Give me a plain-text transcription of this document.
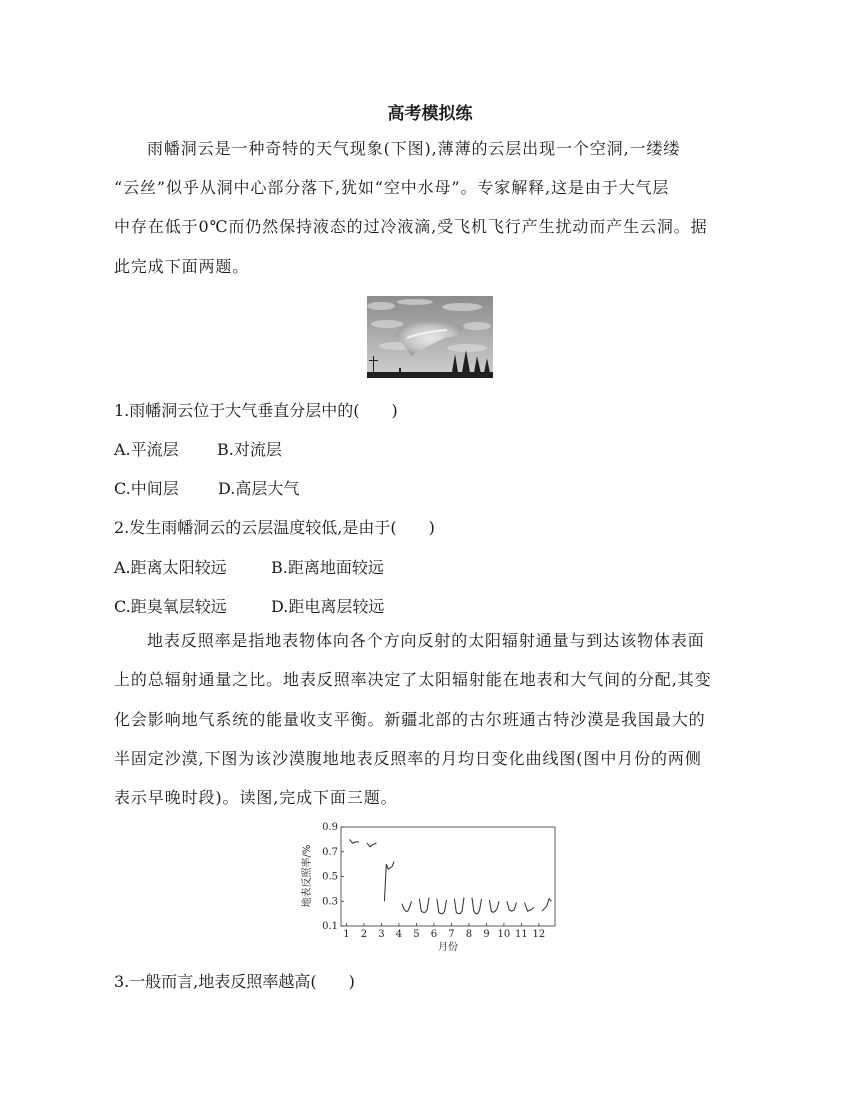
高考模拟练
雨幡洞云是一种奇特的天气现象(下图),薄薄的云层出现一个空洞,一缕缕
“云丝”似乎从洞中心部分落下,犹如“空中水母”。专家解释,这是由于大气层
中存在低于0℃而仍然保持液态的过冷液滴,受飞机飞行产生扰动而产生云洞。据
此完成下面两题。
1.雨幡洞云位于大气垂直分层中的(　　)
A.平流层 B.对流层
C.中间层 D.高层大气
2.发生雨幡洞云的云层温度较低,是由于(　　)
A.距离太阳较远	B.距离地面较远
C.距臭氧层较远	D.距电离层较远
地表反照率是指地表物体向各个方向反射的太阳辐射通量与到达该物体表面
上的总辐射通量之比。地表反照率决定了太阳辐射能在地表和大气间的分配,其变
化会影响地气系统的能量收支平衡。新疆北部的古尔班通古特沙漠是我国最大的
半固定沙漠,下图为该沙漠腹地地表反照率的月均日变化曲线图(图中月份的两侧
表示早晚时段)。读图,完成下面三题。
0.1
0.3
0.5
0.7
0.9
1 2 3 4 5 6 7 8 9 10 11 12
地表反照率/%
月份
3.一般而言,地表反照率越高(　　)
